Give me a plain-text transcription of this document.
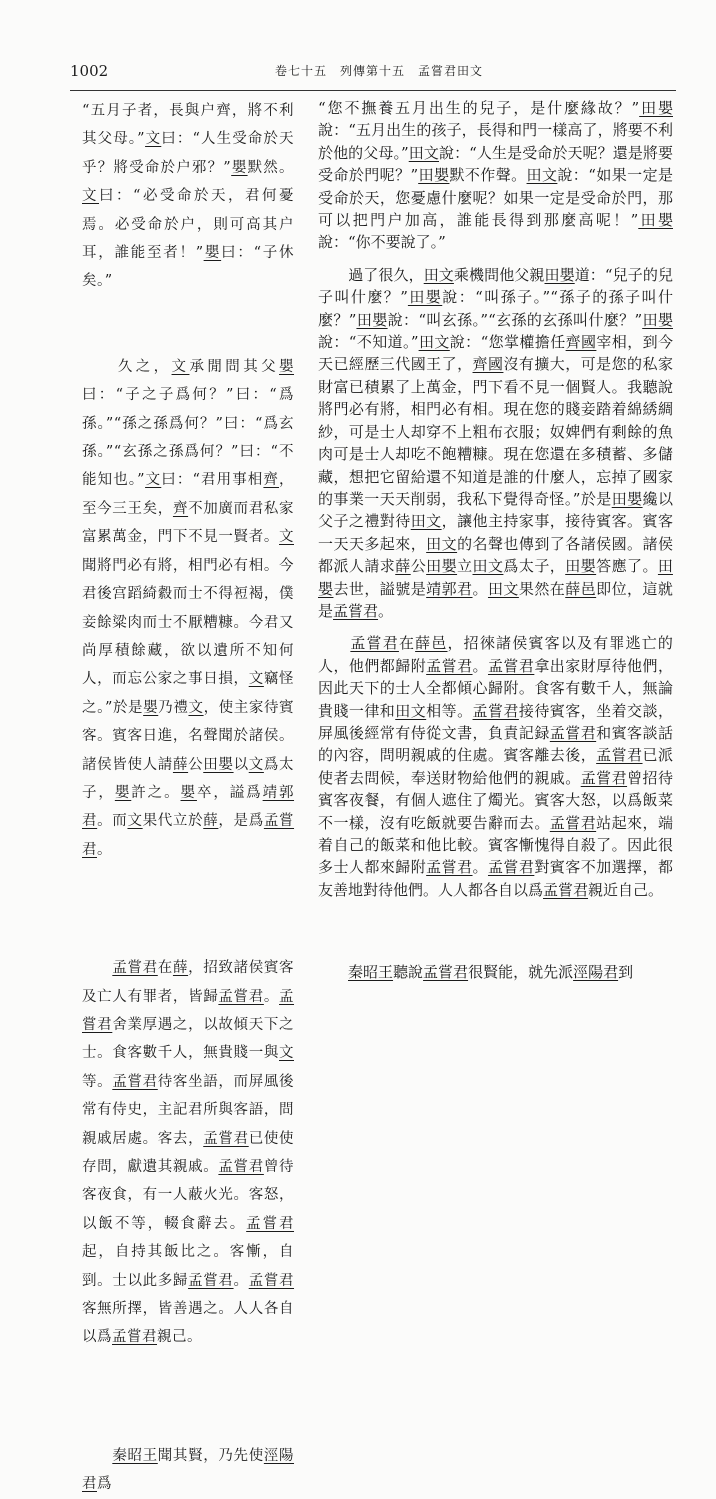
1002	卷七十五　列傳第十五　孟嘗君田文

“五月子者，長與户齊，將不利其父母。”文曰：“人生受命於天乎？將受命於户邪？”嬰默然。文曰：“必受命於天，君何憂焉。必受命於户，則可高其户耳，誰能至者！”嬰曰：“子休矣。”

　　久之，文承閒問其父嬰曰：“子之子爲何？”曰：“爲孫。”“孫之孫爲何？”曰：“爲玄孫。”“玄孫之孫爲何？”曰：“不能知也。”文曰：“君用事相齊，至今三王矣，齊不加廣而君私家富累萬金，門下不見一賢者。文聞將門必有將，相門必有相。今君後宫蹈綺縠而士不得裋褐，僕妾餘粱肉而士不厭糟糠。今君又尚厚積餘藏，欲以遺所不知何人，而忘公家之事日損，文竊怪之。”於是嬰乃禮文，使主家待賓客。賓客日進，名聲聞於諸侯。諸侯皆使人請薛公田嬰以文爲太子，嬰許之。嬰卒，謚爲靖郭君。而文果代立於薛，是爲孟嘗君。

　　孟嘗君在薛，招致諸侯賓客及亡人有罪者，皆歸孟嘗君。孟嘗君舍業厚遇之，以故傾天下之士。食客數千人，無貴賤一與文等。孟嘗君待客坐語，而屏風後常有侍史，主記君所與客語，問親戚居處。客去，孟嘗君已使使存問，獻遺其親戚。孟嘗君曾待客夜食，有一人蔽火光。客怒，以飯不等，輟食辭去。孟嘗君起，自持其飯比之。客慚，自剄。士以此多歸孟嘗君。孟嘗君客無所擇，皆善遇之。人人各自以爲孟嘗君親己。

　　秦昭王聞其賢，乃先使涇陽君爲

“您不撫養五月出生的兒子，是什麼緣故？”田嬰說：“五月出生的孩子，長得和門一樣高了，將要不利於他的父母。”田文說：“人生是受命於天呢？還是將要受命於門呢？”田嬰默不作聲。田文說：“如果一定是受命於天，您憂慮什麼呢？如果一定是受命於門，那可以把門户加高，誰能長得到那麼高呢！”田嬰說：“你不要說了。”

　　過了很久，田文乘機問他父親田嬰道：“兒子的兒子叫什麼？”田嬰說：“叫孫子。”“孫子的孫子叫什麼？”田嬰說：“叫玄孫。”“玄孫的玄孫叫什麼？”田嬰說：“不知道。”田文說：“您掌權擔任齊國宰相，到今天已經歷三代國王了，齊國沒有擴大，可是您的私家財富已積累了上萬金，門下看不見一個賢人。我聽說將門必有將，相門必有相。現在您的賤妾踏着綿綉綢紗，可是士人却穿不上粗布衣服；奴婢們有剩餘的魚肉可是士人却吃不飽糟糠。現在您還在多積蓄、多儲藏，想把它留給還不知道是誰的什麼人，忘掉了國家的事業一天天削弱，我私下覺得奇怪。”於是田嬰纔以父子之禮對待田文，讓他主持家事，接待賓客。賓客一天天多起來，田文的名聲也傳到了各諸侯國。諸侯都派人請求薛公田嬰立田文爲太子，田嬰答應了。田嬰去世，謚號是靖郭君。田文果然在薛邑即位，這就是孟嘗君。

　　孟嘗君在薛邑，招徠諸侯賓客以及有罪逃亡的人，他們都歸附孟嘗君。孟嘗君拿出家財厚待他們，因此天下的士人全都傾心歸附。食客有數千人，無論貴賤一律和田文相等。孟嘗君接待賓客，坐着交談，屏風後經常有侍從文書，負責記録孟嘗君和賓客談話的內容，問明親戚的住處。賓客離去後，孟嘗君已派使者去問候，奉送財物給他們的親戚。孟嘗君曾招待賓客夜餐，有個人遮住了燭光。賓客大怒，以爲飯菜不一樣，沒有吃飯就要告辭而去。孟嘗君站起來，端着自己的飯菜和他比較。賓客慚愧得自殺了。因此很多士人都來歸附孟嘗君。孟嘗君對賓客不加選擇，都友善地對待他們。人人都各自以爲孟嘗君親近自己。

　　秦昭王聽說孟嘗君很賢能，就先派涇陽君到
